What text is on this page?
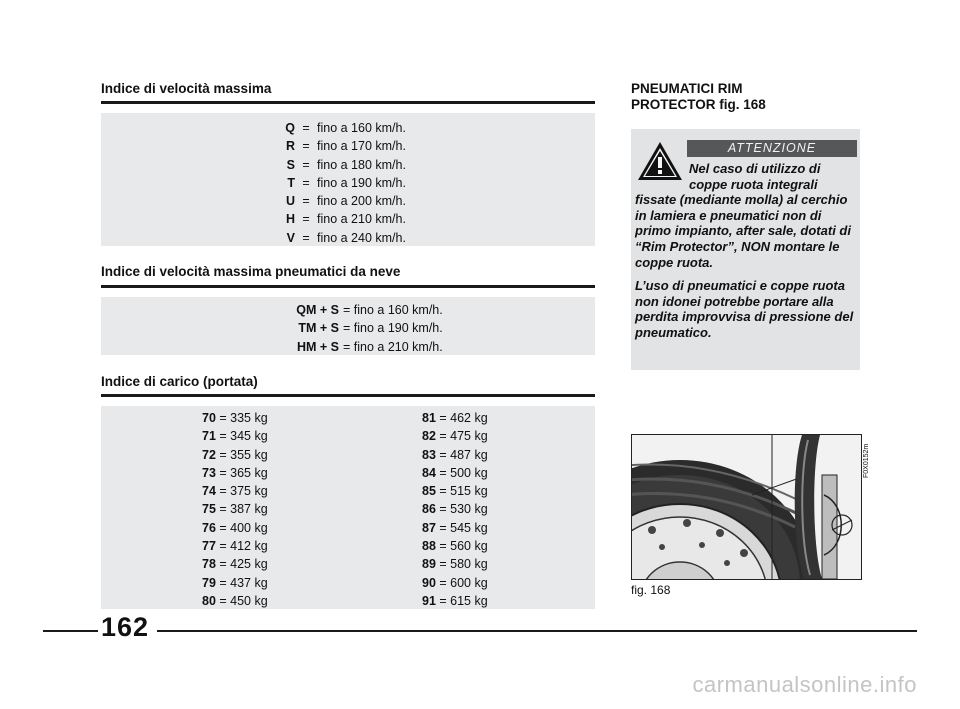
Indice di velocità massima
Q = fino a 160 km/h.
R = fino a 170 km/h.
S = fino a 180 km/h.
T = fino a 190 km/h.
U = fino a 200 km/h.
H = fino a 210 km/h.
V = fino a 240 km/h.
Indice di velocità massima pneumatici da neve
QM + S = fino a 160 km/h.
TM + S = fino a 190 km/h.
HM + S = fino a 210 km/h.
Indice di carico (portata)
70 = 335 kg
71 = 345 kg
72 = 355 kg
73 = 365 kg
74 = 375 kg
75 = 387 kg
76 = 400 kg
77 = 412 kg
78 = 425 kg
79 = 437 kg
80 = 450 kg
81 = 462 kg
82 = 475 kg
83 = 487 kg
84 = 500 kg
85 = 515 kg
86 = 530 kg
87 = 545 kg
88 = 560 kg
89 = 580 kg
90 = 600 kg
91 = 615 kg
PNEUMATICI RIM
PROTECTOR fig. 168
ATTENZIONE

Nel caso di utilizzo di
coppe ruota integrali
fissate (mediante molla) al cerchio in lamiera e pneumatici non di primo impianto, after sale, dotati di “Rim Protector”, NON montare le coppe ruota.

L’uso di pneumatici e coppe ruota non idonei potrebbe portare alla perdita improvvisa di pressione del pneumatico.

F0X0152m
fig. 168
162
carmanualsonline.info
